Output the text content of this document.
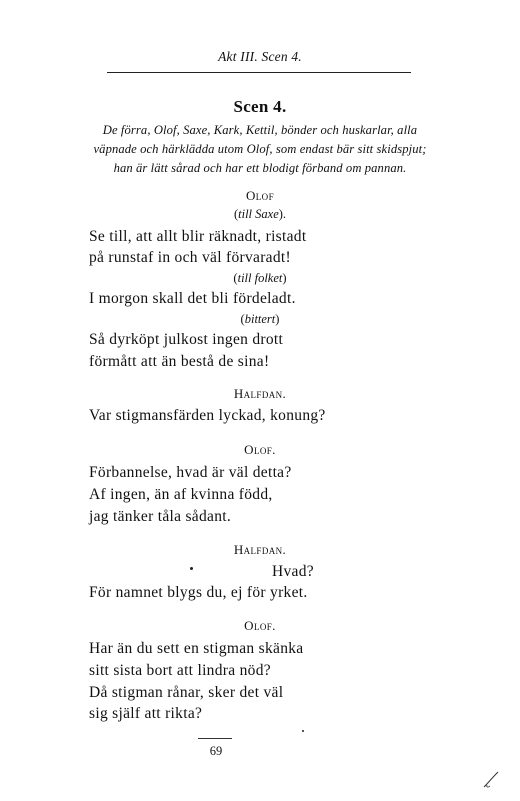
Akt III. Scen 4.
Scen 4.
De förra, Olof, Saxe, Kark, Kettil, bönder och huskarlar, alla
väpnade och härklädda utom Olof, som endast bär sitt skidspjut;
han är lätt sårad och har ett blodigt förband om pannan.
Olof
(till Saxe).
Se till, att allt blir räknadt, ristadt
på runstaf in och väl förvaradt!
(till folket)
I morgon skall det bli fördeladt.
(bittert)
Så dyrköpt julkost ingen drott
förmått att än bestå de sina!
Halfdan.
Var stigmansfärden lyckad, konung?
Olof.
Förbannelse, hvad är väl detta?
Af ingen, än af kvinna född,
jag tänker tåla sådant.
Halfdan.
Hvad?
För namnet blygs du, ej för yrket.
Olof.
Har än du sett en stigman skänka
sitt sista bort att lindra nöd?
Då stigman rånar, sker det väl
sig själf att rikta?
69
